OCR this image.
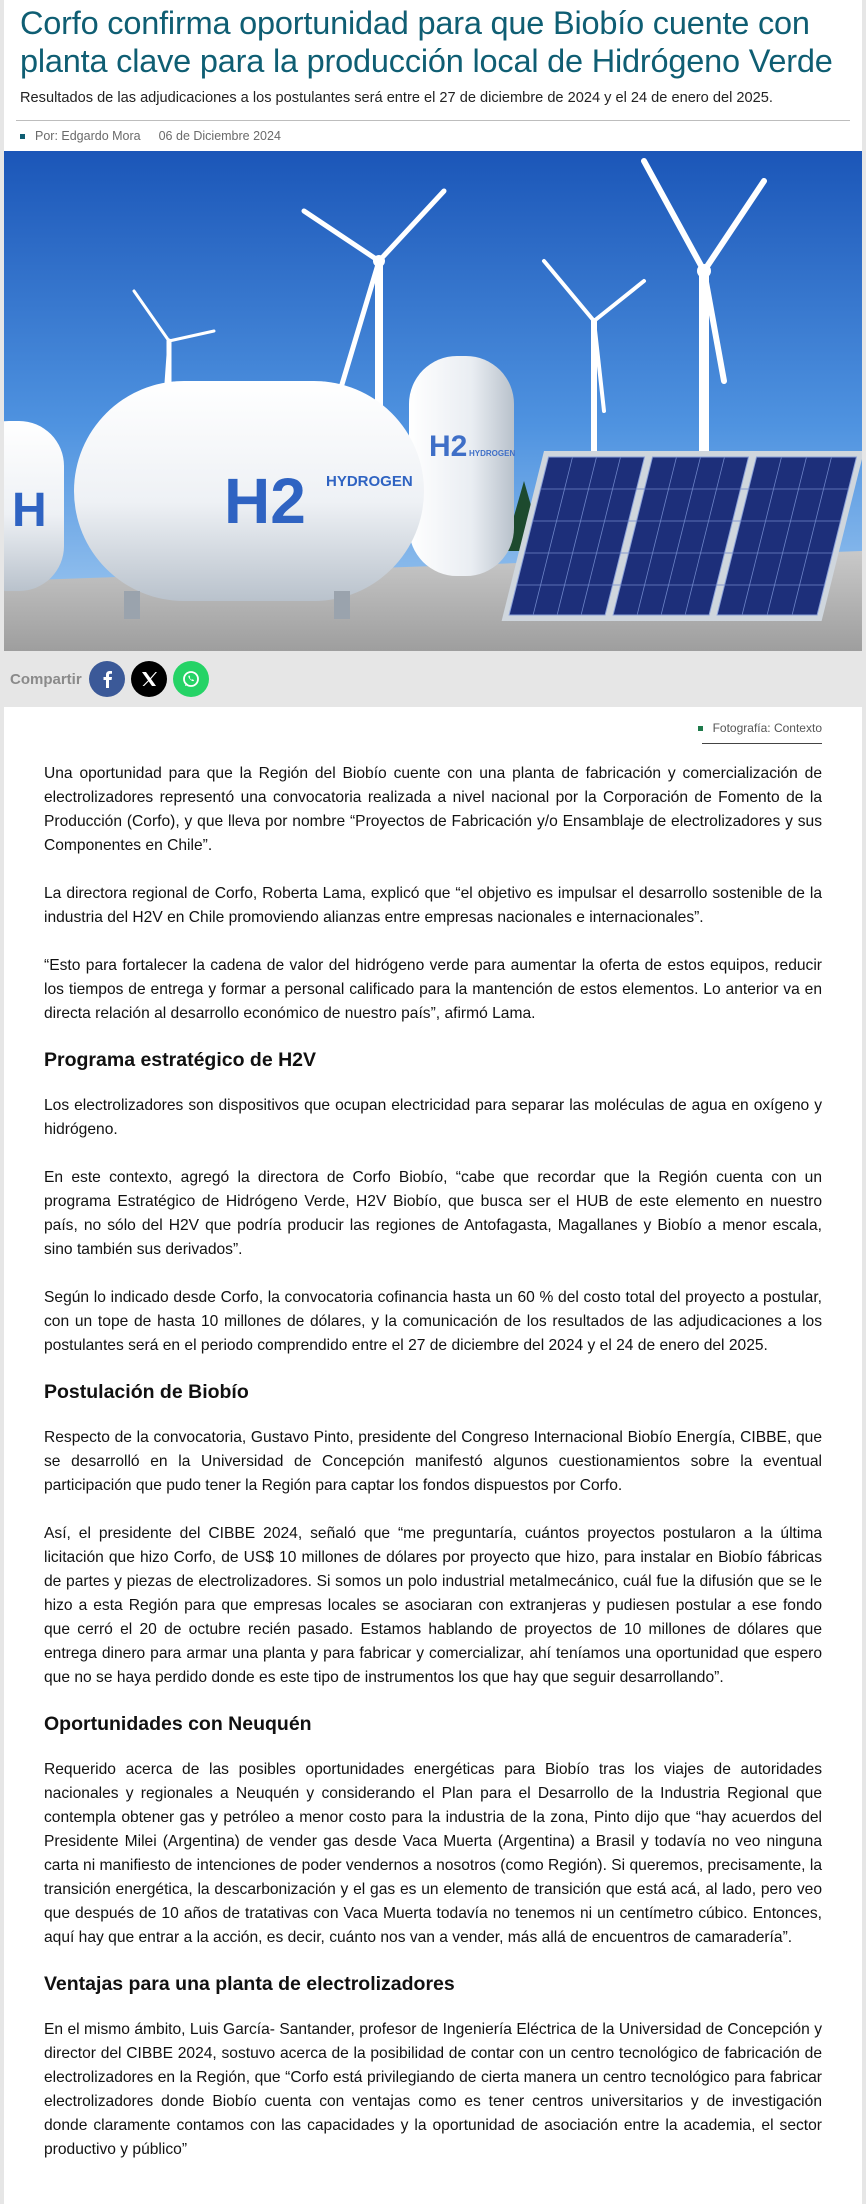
Corfo confirma oportunidad para que Biobío cuente con planta clave para la producción local de Hidrógeno Verde

Resultados de las adjudicaciones a los postulantes será entre el 27 de diciembre de 2024 y el 24 de enero del 2025.

Por: Edgardo Mora 06 de Diciembre 2024
H2 HYDROGEN
H	H2 HYDROGEN
Compartir
Fotografía: Contexto

Una oportunidad para que la Región del Biobío cuente con una planta de fabricación y comercialización de electrolizadores representó una convocatoria realizada a nivel nacional por la Corporación de Fomento de la Producción (Corfo), y que lleva por nombre “Proyectos de Fabricación y/o Ensamblaje de electrolizadores y sus Componentes en Chile”.

La directora regional de Corfo, Roberta Lama, explicó que “el objetivo es impulsar el desarrollo sostenible de la industria del H2V en Chile promoviendo alianzas entre empresas nacionales e internacionales”.

“Esto para fortalecer la cadena de valor del hidrógeno verde para aumentar la oferta de estos equipos, reducir los tiempos de entrega y formar a personal calificado para la mantención de estos elementos. Lo anterior va en directa relación al desarrollo económico de nuestro país”, afirmó Lama.

Programa estratégico de H2V

Los electrolizadores son dispositivos que ocupan electricidad para separar las moléculas de agua en oxígeno y hidrógeno.

En este contexto, agregó la directora de Corfo Biobío, “cabe que recordar que la Región cuenta con un programa Estratégico de Hidrógeno Verde, H2V Biobío, que busca ser el HUB de este elemento en nuestro país, no sólo del H2V que podría producir las regiones de Antofagasta, Magallanes y Biobío a menor escala, sino también sus derivados”.

Según lo indicado desde Corfo, la convocatoria cofinancia hasta un 60 % del costo total del proyecto a postular, con un tope de hasta 10 millones de dólares, y la comunicación de los resultados de las adjudicaciones a los postulantes será en el periodo comprendido entre el 27 de diciembre del 2024 y el 24 de enero del 2025.

Postulación de Biobío

Respecto de la convocatoria, Gustavo Pinto, presidente del Congreso Internacional Biobío Energía, CIBBE, que se desarrolló en la Universidad de Concepción manifestó algunos cuestionamientos sobre la eventual participación que pudo tener la Región para captar los fondos dispuestos por Corfo.

Así, el presidente del CIBBE 2024, señaló que “me preguntaría, cuántos proyectos postularon a la última licitación que hizo Corfo, de US$ 10 millones de dólares por proyecto que hizo, para instalar en Biobío fábricas de partes y piezas de electrolizadores. Si somos un polo industrial metalmecánico, cuál fue la difusión que se le hizo a esta Región para que empresas locales se asociaran con extranjeras y pudiesen postular a ese fondo que cerró el 20 de octubre recién pasado. Estamos hablando de proyectos de 10 millones de dólares que entrega dinero para armar una planta y para fabricar y comercializar, ahí teníamos una oportunidad que espero que no se haya perdido donde es este tipo de instrumentos los que hay que seguir desarrollando”.

Oportunidades con Neuquén

Requerido acerca de las posibles oportunidades energéticas para Biobío tras los viajes de autoridades nacionales y regionales a Neuquén y considerando el Plan para el Desarrollo de la Industria Regional que contempla obtener gas y petróleo a menor costo para la industria de la zona, Pinto dijo que “hay acuerdos del Presidente Milei (Argentina) de vender gas desde Vaca Muerta (Argentina) a Brasil y todavía no veo ninguna carta ni manifiesto de intenciones de poder vendernos a nosotros (como Región). Si queremos, precisamente, la transición energética, la descarbonización y el gas es un elemento de transición que está acá, al lado, pero veo que después de 10 años de tratativas con Vaca Muerta todavía no tenemos ni un centímetro cúbico. Entonces, aquí hay que entrar a la acción, es decir, cuánto nos van a vender, más allá de encuentros de camaradería”.

Ventajas para una planta de electrolizadores

En el mismo ámbito, Luis García- Santander, profesor de Ingeniería Eléctrica de la Universidad de Concepción y director del CIBBE 2024, sostuvo acerca de la posibilidad de contar con un centro tecnológico de fabricación de electrolizadores en la Región, que “Corfo está privilegiando de cierta manera un centro tecnológico para fabricar electrolizadores donde Biobío cuenta con ventajas como es tener centros universitarios y de investigación donde claramente contamos con las capacidades y la oportunidad de asociación entre la academia, el sector productivo y público”
